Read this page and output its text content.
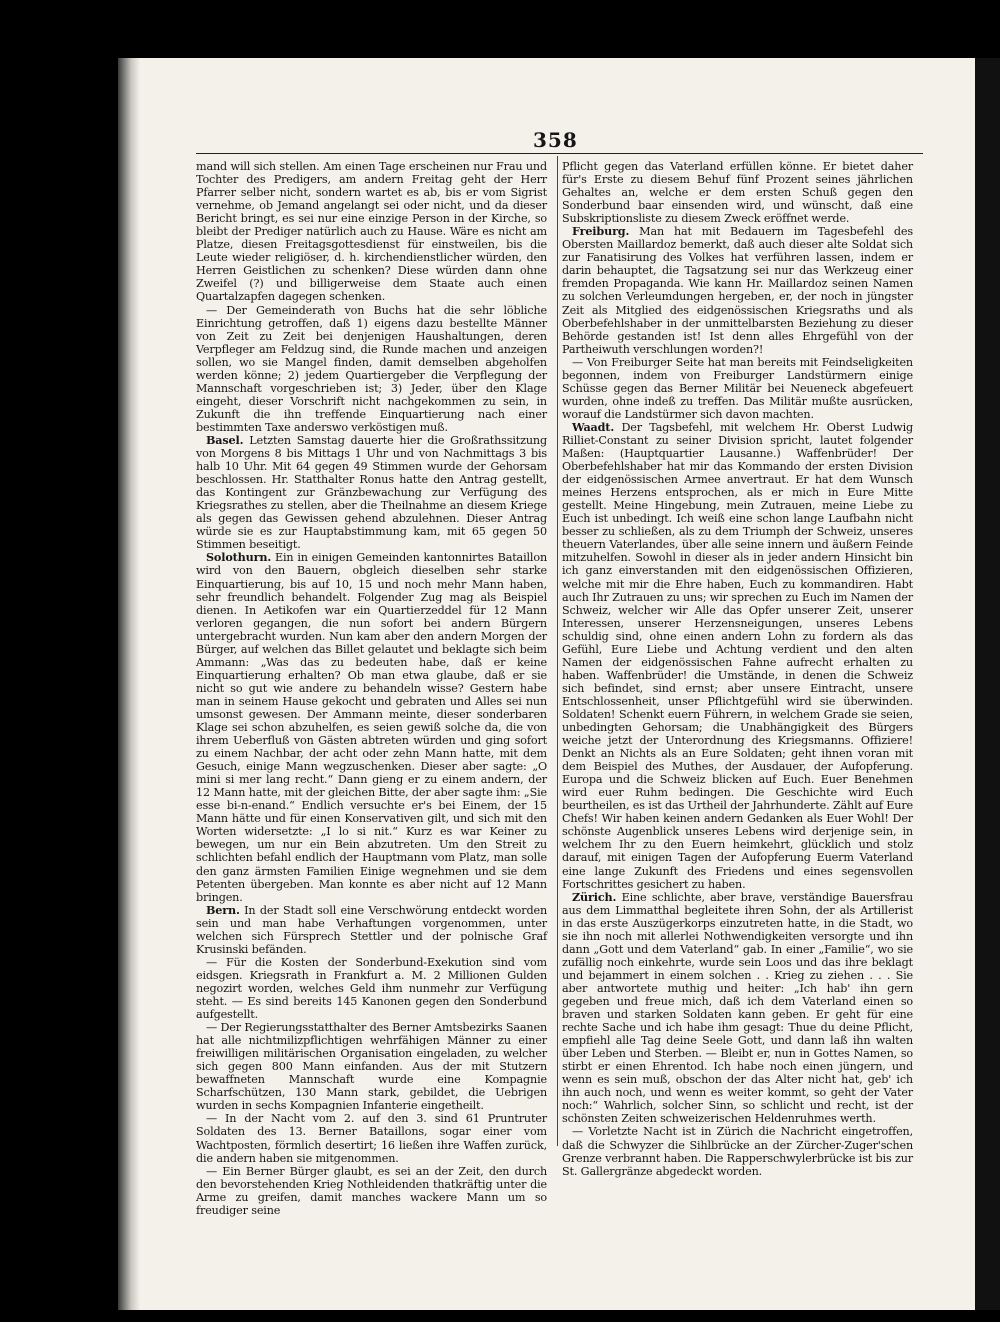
358

mand will sich stellen. Am einen Tage erscheinen nur Frau und Tochter des Predigers, am andern Freitag geht der Herr Pfarrer selber nicht, sondern wartet es ab, bis er vom Sigrist vernehme, ob Jemand angelangt sei oder nicht, und da dieser Bericht bringt, es sei nur eine einzige Person in der Kirche, so bleibt der Prediger natürlich auch zu Hause. Wäre es nicht am Platze, diesen Freitagsgottesdienst für einstweilen, bis die Leute wieder religiöser, d. h. kirchendienstlicher würden, den Herren Geistlichen zu schenken? Diese würden dann ohne Zweifel (?) und billigerweise dem Staate auch einen Quartalzapfen dagegen schenken.

— Der Gemeinderath von Buchs hat die sehr löbliche Einrichtung getroffen, daß 1) eigens dazu bestellte Männer von Zeit zu Zeit bei denjenigen Haushaltungen, deren Verpfleger am Feldzug sind, die Runde machen und anzeigen sollen, wo sie Mangel finden, damit demselben abgeholfen werden könne; 2) jedem Quartiergeber die Verpflegung der Mannschaft vorgeschrieben ist; 3) Jeder, über den Klage eingeht, dieser Vorschrift nicht nachgekommen zu sein, in Zukunft die ihn treffende Einquartierung nach einer bestimmten Taxe anderswo verköstigen muß.

Basel. Letzten Samstag dauerte hier die Großrathssitzung von Morgens 8 bis Mittags 1 Uhr und von Nachmittags 3 bis halb 10 Uhr. Mit 64 gegen 49 Stimmen wurde der Gehorsam beschlossen. Hr. Statthalter Ronus hatte den Antrag gestellt, das Kontingent zur Gränzbewachung zur Verfügung des Kriegsrathes zu stellen, aber die Theilnahme an diesem Kriege als gegen das Gewissen gehend abzulehnen. Dieser Antrag würde sie es zur Hauptabstimmung kam, mit 65 gegen 50 Stimmen beseitigt.

Solothurn. Ein in einigen Gemeinden kantonnirtes Bataillon wird von den Bauern, obgleich dieselben sehr starke Einquartierung, bis auf 10, 15 und noch mehr Mann haben, sehr freundlich behandelt. Folgender Zug mag als Beispiel dienen. In Aetikofen war ein Quartierzeddel für 12 Mann verloren gegangen, die nun sofort bei andern Bürgern untergebracht wurden. Nun kam aber den andern Morgen der Bürger, auf welchen das Billet gelautet und beklagte sich beim Ammann: „Was das zu bedeuten habe, daß er keine Einquartierung erhalten? Ob man etwa glaube, daß er sie nicht so gut wie andere zu behandeln wisse? Gestern habe man in seinem Hause gekocht und gebraten und Alles sei nun umsonst gewesen. Der Ammann meinte, dieser sonderbaren Klage sei schon abzuhelfen, es seien gewiß solche da, die von ihrem Ueberfluß von Gästen abtreten würden und ging sofort zu einem Nachbar, der acht oder zehn Mann hatte, mit dem Gesuch, einige Mann wegzuschenken. Dieser aber sagte: „O mini si mer lang recht.“ Dann gieng er zu einem andern, der 12 Mann hatte, mit der gleichen Bitte, der aber sagte ihm: „Sie esse bi-n-enand.“ Endlich versuchte er's bei Einem, der 15 Mann hätte und für einen Konservativen gilt, und sich mit den Worten widersetzte: „I lo si nit.“ Kurz es war Keiner zu bewegen, um nur ein Bein abzutreten. Um den Streit zu schlichten befahl endlich der Hauptmann vom Platz, man solle den ganz ärmsten Familien Einige wegnehmen und sie dem Petenten übergeben. Man konnte es aber nicht auf 12 Mann bringen.

Bern. In der Stadt soll eine Verschwörung entdeckt worden sein und man habe Verhaftungen vorgenommen, unter welchen sich Fürsprech Stettler und der polnische Graf Krusinski befänden.

— Für die Kosten der Sonderbund-Exekution sind vom eidsgen. Kriegsrath in Frankfurt a. M. 2 Millionen Gulden negozirt worden, welches Geld ihm nunmehr zur Verfügung steht. — Es sind bereits 145 Kanonen gegen den Sonderbund aufgestellt.

— Der Regierungsstatthalter des Berner Amtsbezirks Saanen hat alle nichtmilizpflichtigen wehrfähigen Männer zu einer freiwilligen militärischen Organisation eingeladen, zu welcher sich gegen 800 Mann einfanden. Aus der mit Stutzern bewaffneten Mannschaft wurde eine Kompagnie Scharfschützen, 130 Mann stark, gebildet, die Uebrigen wurden in sechs Kompagnien Infanterie eingetheilt.

— In der Nacht vom 2. auf den 3. sind 61 Pruntruter Soldaten des 13. Berner Bataillons, sogar einer vom Wachtposten, förmlich desertirt; 16 ließen ihre Waffen zurück, die andern haben sie mitgenommen.

— Ein Berner Bürger glaubt, es sei an der Zeit, den durch den bevorstehenden Krieg Nothleidenden thatkräftig unter die Arme zu greifen, damit manches wackere Mann um so freudiger seine

Pflicht gegen das Vaterland erfüllen könne. Er bietet daher für's Erste zu diesem Behuf fünf Prozent seines jährlichen Gehaltes an, welche er dem ersten Schuß gegen den Sonderbund baar einsenden wird, und wünscht, daß eine Subskriptionsliste zu diesem Zweck eröffnet werde.

Freiburg. Man hat mit Bedauern im Tagesbefehl des Obersten Maillardoz bemerkt, daß auch dieser alte Soldat sich zur Fanatisirung des Volkes hat verführen lassen, indem er darin behauptet, die Tagsatzung sei nur das Werkzeug einer fremden Propaganda. Wie kann Hr. Maillardoz seinen Namen zu solchen Verleumdungen hergeben, er, der noch in jüngster Zeit als Mitglied des eidgenössischen Kriegsraths und als Oberbefehlshaber in der unmittelbarsten Beziehung zu dieser Behörde gestanden ist! Ist denn alles Ehrgefühl von der Partheiwuth verschlungen worden?!

— Von Freiburger Seite hat man bereits mit Feindseligkeiten begonnen, indem von Freiburger Landstürmern einige Schüsse gegen das Berner Militär bei Neueneck abgefeuert wurden, ohne indeß zu treffen. Das Militär mußte ausrücken, worauf die Landstürmer sich davon machten.

Waadt. Der Tagsbefehl, mit welchem Hr. Oberst Ludwig Rilliet-Constant zu seiner Division spricht, lautet folgender Maßen: (Hauptquartier Lausanne.) Waffenbrüder! Der Oberbefehlshaber hat mir das Kommando der ersten Division der eidgenössischen Armee anvertraut. Er hat dem Wunsch meines Herzens entsprochen, als er mich in Eure Mitte gestellt. Meine Hingebung, mein Zutrauen, meine Liebe zu Euch ist unbedingt. Ich weiß eine schon lange Laufbahn nicht besser zu schließen, als zu dem Triumph der Schweiz, unseres theuern Vaterlandes, über alle seine innern und äußern Feinde mitzuhelfen. Sowohl in dieser als in jeder andern Hinsicht bin ich ganz einverstanden mit den eidgenössischen Offizieren, welche mit mir die Ehre haben, Euch zu kommandiren. Habt auch Ihr Zutrauen zu uns; wir sprechen zu Euch im Namen der Schweiz, welcher wir Alle das Opfer unserer Zeit, unserer Interessen, unserer Herzensneigungen, unseres Lebens schuldig sind, ohne einen andern Lohn zu fordern als das Gefühl, Eure Liebe und Achtung verdient und den alten Namen der eidgenössischen Fahne aufrecht erhalten zu haben. Waffenbrüder! die Umstände, in denen die Schweiz sich befindet, sind ernst; aber unsere Eintracht, unsere Entschlossenheit, unser Pflichtgefühl wird sie überwinden. Soldaten! Schenkt euern Führern, in welchem Grade sie seien, unbedingten Gehorsam; die Unabhängigkeit des Bürgers weiche jetzt der Unterordnung des Kriegsmanns. Offiziere! Denkt an Nichts als an Eure Soldaten; geht ihnen voran mit dem Beispiel des Muthes, der Ausdauer, der Aufopferung. Europa und die Schweiz blicken auf Euch. Euer Benehmen wird euer Ruhm bedingen. Die Geschichte wird Euch beurtheilen, es ist das Urtheil der Jahrhunderte. Zählt auf Eure Chefs! Wir haben keinen andern Gedanken als Euer Wohl! Der schönste Augenblick unseres Lebens wird derjenige sein, in welchem Ihr zu den Euern heimkehrt, glücklich und stolz darauf, mit einigen Tagen der Aufopferung Euerm Vaterland eine lange Zukunft des Friedens und eines segensvollen Fortschrittes gesichert zu haben.

Zürich. Eine schlichte, aber brave, verständige Bauersfrau aus dem Limmatthal begleitete ihren Sohn, der als Artillerist in das erste Auszügerkorps einzutreten hatte, in die Stadt, wo sie ihn noch mit allerlei Nothwendigkeiten versorgte und ihn dann „Gott und dem Vaterland“ gab. In einer „Familie“, wo sie zufällig noch einkehrte, wurde sein Loos und das ihre beklagt und bejammert in einem solchen . . Krieg zu ziehen . . . Sie aber antwortete muthig und heiter: „Ich hab' ihn gern gegeben und freue mich, daß ich dem Vaterland einen so braven und starken Soldaten kann geben. Er geht für eine rechte Sache und ich habe ihm gesagt: Thue du deine Pflicht, empfiehl alle Tag deine Seele Gott, und dann laß ihn walten über Leben und Sterben. — Bleibt er, nun in Gottes Namen, so stirbt er einen Ehrentod. Ich habe noch einen jüngern, und wenn es sein muß, obschon der das Alter nicht hat, geb' ich ihn auch noch, und wenn es weiter kommt, so geht der Vater noch:“ Wahrlich, solcher Sinn, so schlicht und recht, ist der schönsten Zeiten schweizerischen Heldenruhmes werth.

— Vorletzte Nacht ist in Zürich die Nachricht eingetroffen, daß die Schwyzer die Sihlbrücke an der Zürcher-Zuger'schen Grenze verbrannt haben. Die Rapperschwylerbrücke ist bis zur St. Gallergränze abgedeckt worden.
